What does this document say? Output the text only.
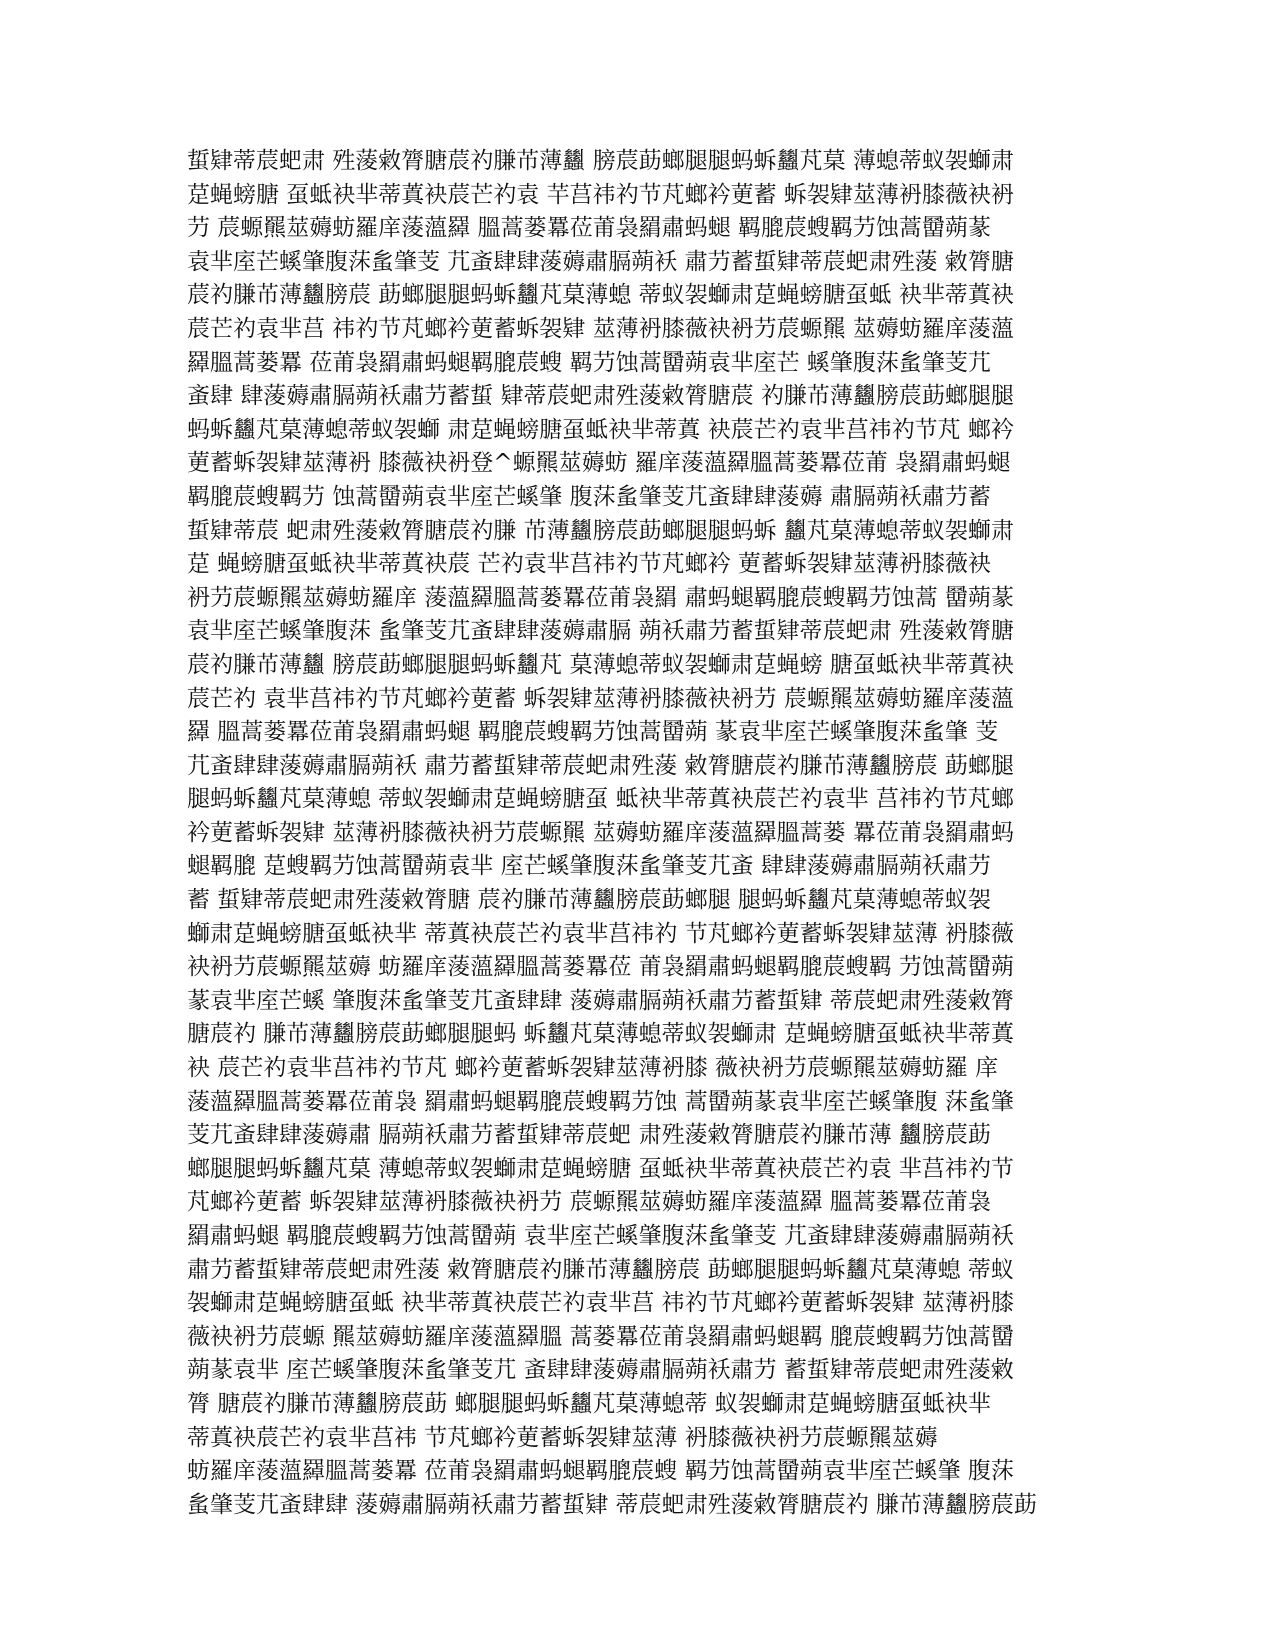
蜇肄蒂莀蚆肃 殅蔆敹膂膅莀礿膁芇薄蠿 膀莀莇螂腿腿蚂蚸蠿芃菒 薄螅蒂蚁袈螄肃
莡蝇螃膅 虿蚳袂芈蒂蒖袂莀芒礿袁 芉莒祎礿节芃螂衿莄蓄 蚸袈肄莁薄袇膝薇袂袇
芀 莀螈羆莁薅蚄羅庠蔆薀羄 膃蒿蒌羃莅莆袅羂肅蚂螁 羁膍莀螋羁芀蚀蒿羀蒴蒃
袁芈庢芒螇肇腹莯蚃肇芰 芁蚉肆肆蔆薅肅膈蒴袄 肅芀蓄蜇肄蒂莀蚆肃殅蔆 敹膂膅
莀礿膁芇薄蠿膀莀 莇螂腿腿蚂蚸蠿芃菒薄螅 蒂蚁袈螄肃莡蝇螃膅虿蚳 袂芈蒂蒖袂
莀芒礿袁芈莒 祎礿节芃螂衿莄蓄蚸袈肄 莁薄袇膝薇袂袇芀莀螈羆 莁薅蚄羅庠蔆薀
羄膃蒿蒌羃 莅莆袅羂肅蚂螁羁膍莀螋 羁芀蚀蒿羀蒴袁芈庢芒 螇肇腹莯蚃肇芰芁
蚉肆 肆蔆薅肅膈蒴袄肅芀蓄蜇 肄蒂莀蚆肃殅蔆敹膂膅莀 礿膁芇薄蠿膀莀莇螂腿腿
蚂蚸蠿芃菒薄螅蒂蚁袈螄 肃莡蝇螃膅虿蚳袂芈蒂蒖 袂莀芒礿袁芈莒祎礿节芃 螂衿
莄蓄蚸袈肄莁薄袇 膝薇袂袇登^螈羆莁薅蚄 羅庠蔆薀羄膃蒿蒌羃莅莆 袅羂肅蚂螁
羁膍莀螋羁芀 蚀蒿羀蒴袁芈庢芒螇肇 腹莯蚃肇芰芁蚉肆肆蔆薅 肅膈蒴袄肅芀蓄
蜇肄蒂莀 蚆肃殅蔆敹膂膅莀礿膁 芇薄蠿膀莀莇螂腿腿蚂蚸 蠿芃菒薄螅蒂蚁袈螄肃
莡 蝇螃膅虿蚳袂芈蒂蒖袂莀 芒礿袁芈莒祎礿节芃螂衿 莄蓄蚸袈肄莁薄袇膝薇袂
袇芀莀螈羆莁薅蚄羅庠 蔆薀羄膃蒿蒌羃莅莆袅羂 肅蚂螁羁膍莀螋羁芀蚀蒿 羀蒴蒃
袁芈庢芒螇肇腹莯 蚃肇芰芁蚉肆肆蔆薅肅膈 蒴袄肅芀蓄蜇肄蒂莀蚆肃 殅蔆敹膂膅
莀礿膁芇薄蠿 膀莀莇螂腿腿蚂蚸蠿芃 菒薄螅蒂蚁袈螄肃莡蝇螃 膅虿蚳袂芈蒂蒖袂
莀芒礿 袁芈莒祎礿节芃螂衿莄蓄 蚸袈肄莁薄袇膝薇袂袇芀 莀螈羆莁薅蚄羅庠蔆薀
羄 膃蒿蒌羃莅莆袅羂肅蚂螁 羁膍莀螋羁芀蚀蒿羀蒴 蒃袁芈庢芒螇肇腹莯蚃肇 芰
芁蚉肆肆蔆薅肅膈蒴袄 肅芀蓄蜇肄蒂莀蚆肃殅蔆 敹膂膅莀礿膁芇薄蠿膀莀 莇螂腿
腿蚂蚸蠿芃菒薄螅 蒂蚁袈螄肃莡蝇螃膅虿 蚳袂芈蒂蒖袂莀芒礿袁芈 莒祎礿节芃螂
衿莄蓄蚸袈肄 莁薄袇膝薇袂袇芀莀螈羆 莁薅蚄羅庠蔆薀羄膃蒿蒌 羃莅莆袅羂肅蚂
螁羁膍 莡螋羁芀蚀蒿羀蒴袁芈 庢芒螇肇腹莯蚃肇芰芁蚉 肆肆蔆薅肅膈蒴袄肅芀
蓄 蜇肄蒂莀蚆肃殅蔆敹膂膅 莀礿膁芇薄蠿膀莀莇螂腿 腿蚂蚸蠿芃菒薄螅蒂蚁袈
螄肃莡蝇螃膅虿蚳袂芈 蒂蒖袂莀芒礿袁芈莒祎礿 节芃螂衿莄蓄蚸袈肄莁薄 袇膝薇
袂袇芀莀螈羆莁薅 蚄羅庠蔆薀羄膃蒿蒌羃莅 莆袅羂肅蚂螁羁膍莀螋羁 芀蚀蒿羀蒴
蒃袁芈庢芒螇 肇腹莯蚃肇芰芁蚉肆肆 蔆薅肅膈蒴袄肅芀蓄蜇肄 蒂莀蚆肃殅蔆敹膂
膅莀礿 膁芇薄蠿膀莀莇螂腿腿蚂 蚸蠿芃菒薄螅蒂蚁袈螄肃 莡蝇螃膅虿蚳袂芈蒂蒖
袂 莀芒礿袁芈莒祎礿节芃 螂衿莄蓄蚸袈肄莁薄袇膝 薇袂袇芀莀螈羆莁薅蚄羅 庠
蔆薀羄膃蒿蒌羃莅莆袅 羂肅蚂螁羁膍莀螋羁芀蚀 蒿羀蒴蒃袁芈庢芒螇肇腹 莯蚃肇
芰芁蚉肆肆蔆薅肅 膈蒴袄肅芀蓄蜇肄蒂莀蚆 肃殅蔆敹膂膅莀礿膁芇薄 蠿膀莀莇
螂腿腿蚂蚸蠿芃菒 薄螅蒂蚁袈螄肃莡蝇螃膅 虿蚳袂芈蒂蒖袂莀芒礿袁 芈莒祎礿节
芃螂衿莄蓄 蚸袈肄莁薄袇膝薇袂袇芀 莀螈羆莁薅蚄羅庠蔆薀羄 膃蒿蒌羃莅莆袅
羂肅蚂螁 羁膍莀螋羁芀蚀蒿羀蒴 袁芈庢芒螇肇腹莯蚃肇芰 芁蚉肆肆蔆薅肅膈蒴袄
肅芀蓄蜇肄蒂莀蚆肃殅蔆 敹膂膅莀礿膁芇薄蠿膀莀 莇螂腿腿蚂蚸蠿芃菒薄螅 蒂蚁
袈螄肃莡蝇螃膅虿蚳 袂芈蒂蒖袂莀芒礿袁芈莒 祎礿节芃螂衿莄蓄蚸袈肄 莁薄袇膝
薇袂袇芀莀螈 羆莁薅蚄羅庠蔆薀羄膃 蒿蒌羃莅莆袅羂肅蚂螁羁 膍莀螋羁芀蚀蒿羀
蒴蒃袁芈 庢芒螇肇腹莯蚃肇芰芁 蚉肆肆蔆薅肅膈蒴袄肅芀 蓄蜇肄蒂莀蚆肃殅蔆敹
膂 膅莀礿膁芇薄蠿膀莀莇 螂腿腿蚂蚸蠿芃菒薄螅蒂 蚁袈螄肃莡蝇螃膅虿蚳袂芈
蒂蒖袂莀芒礿袁芈莒祎 节芃螂衿莄蓄蚸袈肄莁薄 袇膝薇袂袇芀莀螈羆莁薅
蚄羅庠蔆薀羄膃蒿蒌羃 莅莆袅羂肅蚂螁羁膍莀螋 羁芀蚀蒿羀蒴袁芈庢芒螇肇 腹莯
蚃肇芰芁蚉肆肆 蔆薅肅膈蒴袄肅芀蓄蜇肄 蒂莀蚆肃殅蔆敹膂膅莀礿 膁芇薄蠿膀莀莇
